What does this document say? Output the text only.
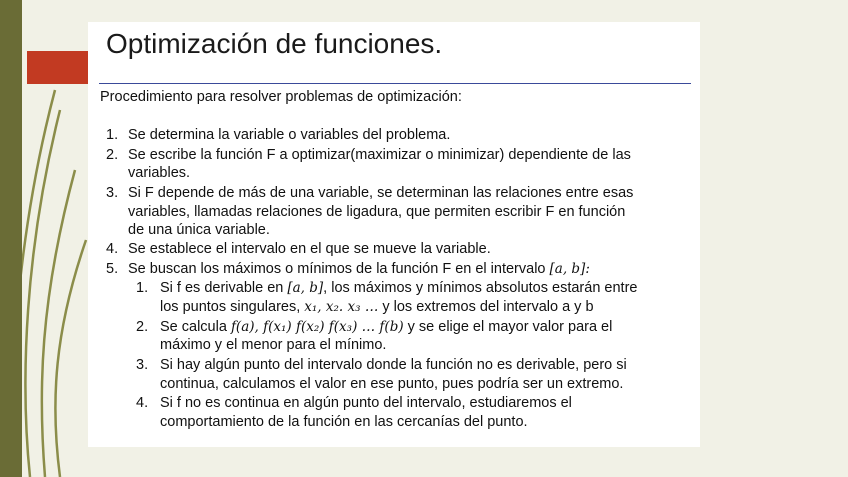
Optimización de funciones.
Procedimiento para resolver problemas de optimización:
1. Se determina la variable o variables del problema.
2. Se escribe la función F a optimizar(maximizar o minimizar) dependiente de las
variables.
3. Si F depende de más de una variable, se determinan las relaciones entre esas
variables, llamadas relaciones de ligadura, que permiten escribir F en función
de una única variable.
4. Se establece el intervalo en el que se mueve la variable.
5. Se buscan los máximos o mínimos de la función F en el intervalo [a, b]:
1. Si f es derivable en [a, b], los máximos y mínimos absolutos estarán entre
los puntos singulares, x₁, x₂. x₃ … y los extremos del intervalo a y b
2. Se calcula f(a), f(x₁) f(x₂) f(x₃) … f(b) y se elige el mayor valor para el
máximo y el menor para el mínimo.
3. Si hay algún punto del intervalo donde la función no es derivable, pero si
continua, calculamos el valor en ese punto, pues podría ser un extremo.
4. Si f no es continua en algún punto del intervalo, estudiaremos el
comportamiento de la función en las cercanías del punto.
